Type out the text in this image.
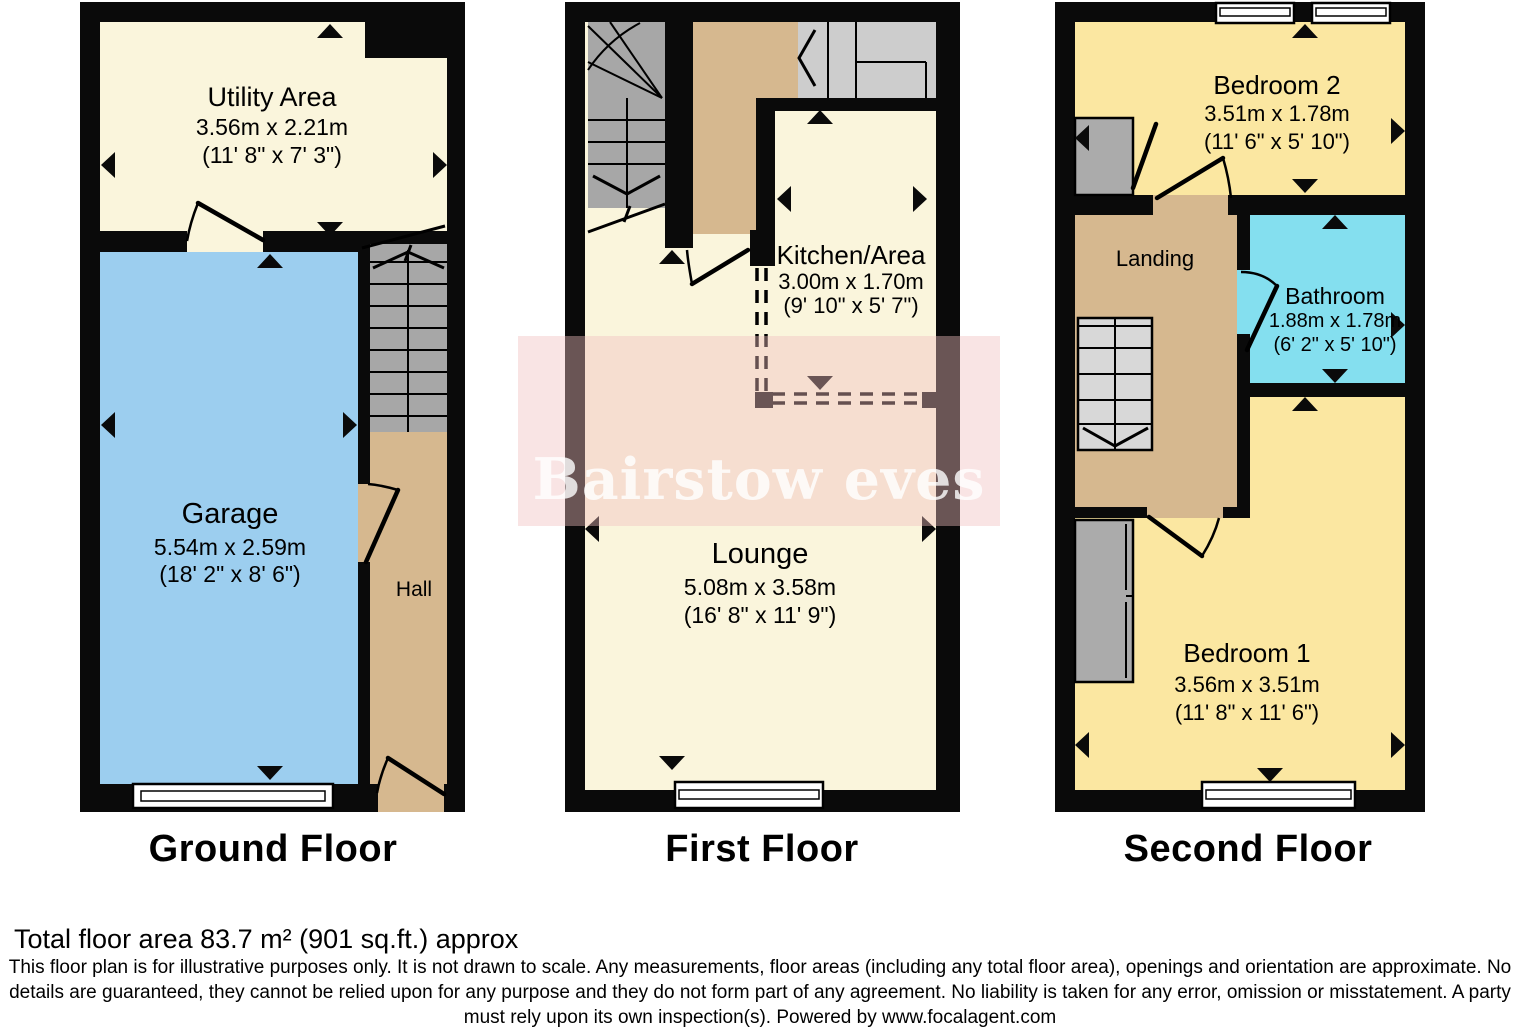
Bairstow eves
Utility Area
3.56m x 2.21m
(11' 8" x 7' 3")
Garage
5.54m x 2.59m
(18' 2" x 8' 6")
Hall
Kitchen/Area
3.00m x 1.70m
(9' 10" x 5' 7")
Lounge
5.08m x 3.58m
(16' 8" x 11' 9")
Bedroom 2
3.51m x 1.78m
(11' 6" x 5' 10")
Landing
Bathroom
1.88m x 1.78m
(6' 2" x 5' 10")
Bedroom 1
3.56m x 3.51m
(11' 8" x 11' 6")
Ground Floor	First Floor	Second Floor
Total floor area 83.7 m² (901 sq.ft.) approx
This floor plan is for illustrative purposes only. It is not drawn to scale. Any measurements, floor areas (including any total floor area), openings and orientation are approximate. No
details are guaranteed, they cannot be relied upon for any purpose and they do not form part of any agreement. No liability is taken for any error, omission or misstatement. A party
must rely upon its own inspection(s). Powered by www.focalagent.com
